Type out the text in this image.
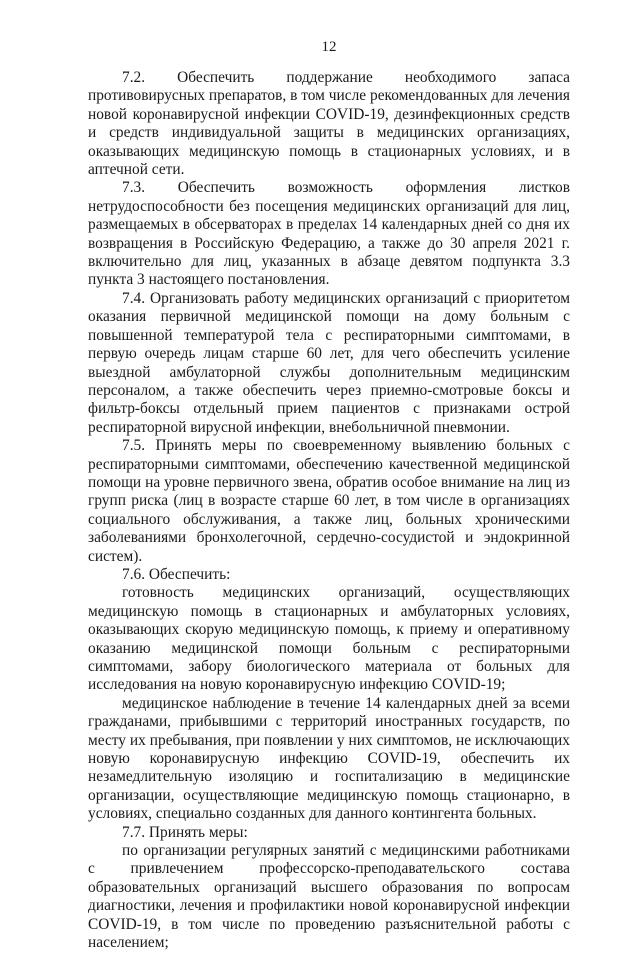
12

7.2. Обеспечить поддержание необходимого запаса противовирусных препаратов, в том числе рекомендованных для лечения новой коронавирусной инфекции COVID-19, дезинфекционных средств и средств индивидуальной защиты в медицинских организациях, оказывающих медицинскую помощь в стационарных условиях, и в аптечной сети.

7.3. Обеспечить возможность оформления листков нетрудоспособности без посещения медицинских организаций для лиц, размещаемых в обсерваторах в пределах 14 календарных дней со дня их возвращения в Российскую Федерацию, а также до 30 апреля 2021 г. включительно для лиц, указанных в абзаце девятом подпункта 3.3 пункта 3 настоящего постановления.

7.4. Организовать работу медицинских организаций с приоритетом оказания первичной медицинской помощи на дому больным с повышенной температурой тела с респираторными симптомами, в первую очередь лицам старше 60 лет, для чего обеспечить усиление выездной амбулаторной службы дополнительным медицинским персоналом, а также обеспечить через приемно-смотровые боксы и фильтр-боксы отдельный прием пациентов с признаками острой респираторной вирусной инфекции, внебольничной пневмонии.

7.5. Принять меры по своевременному выявлению больных с респираторными симптомами, обеспечению качественной медицинской помощи на уровне первичного звена, обратив особое внимание на лиц из групп риска (лиц в возрасте старше 60 лет, в том числе в организациях социального обслуживания, а также лиц, больных хроническими заболеваниями бронхолегочной, сердечно-сосудистой и эндокринной систем).

7.6. Обеспечить:

готовность медицинских организаций, осуществляющих медицинскую помощь в стационарных и амбулаторных условиях, оказывающих скорую медицинскую помощь, к приему и оперативному оказанию медицинской помощи больным с респираторными симптомами, забору биологического материала от больных для исследования на новую коронавирусную инфекцию COVID-19;

медицинское наблюдение в течение 14 календарных дней за всеми гражданами, прибывшими с территорий иностранных государств, по месту их пребывания, при появлении у них симптомов, не исключающих новую коронавирусную инфекцию COVID-19, обеспечить их незамедлительную изоляцию и госпитализацию в медицинские организации, осуществляющие медицинскую помощь стационарно, в условиях, специально созданных для данного контингента больных.

7.7. Принять меры:

по организации регулярных занятий с медицинскими работниками с привлечением профессорско-преподавательского состава образовательных организаций высшего образования по вопросам диагностики, лечения и профилактики новой коронавирусной инфекции COVID-19, в том числе по проведению разъяснительной работы с населением;
